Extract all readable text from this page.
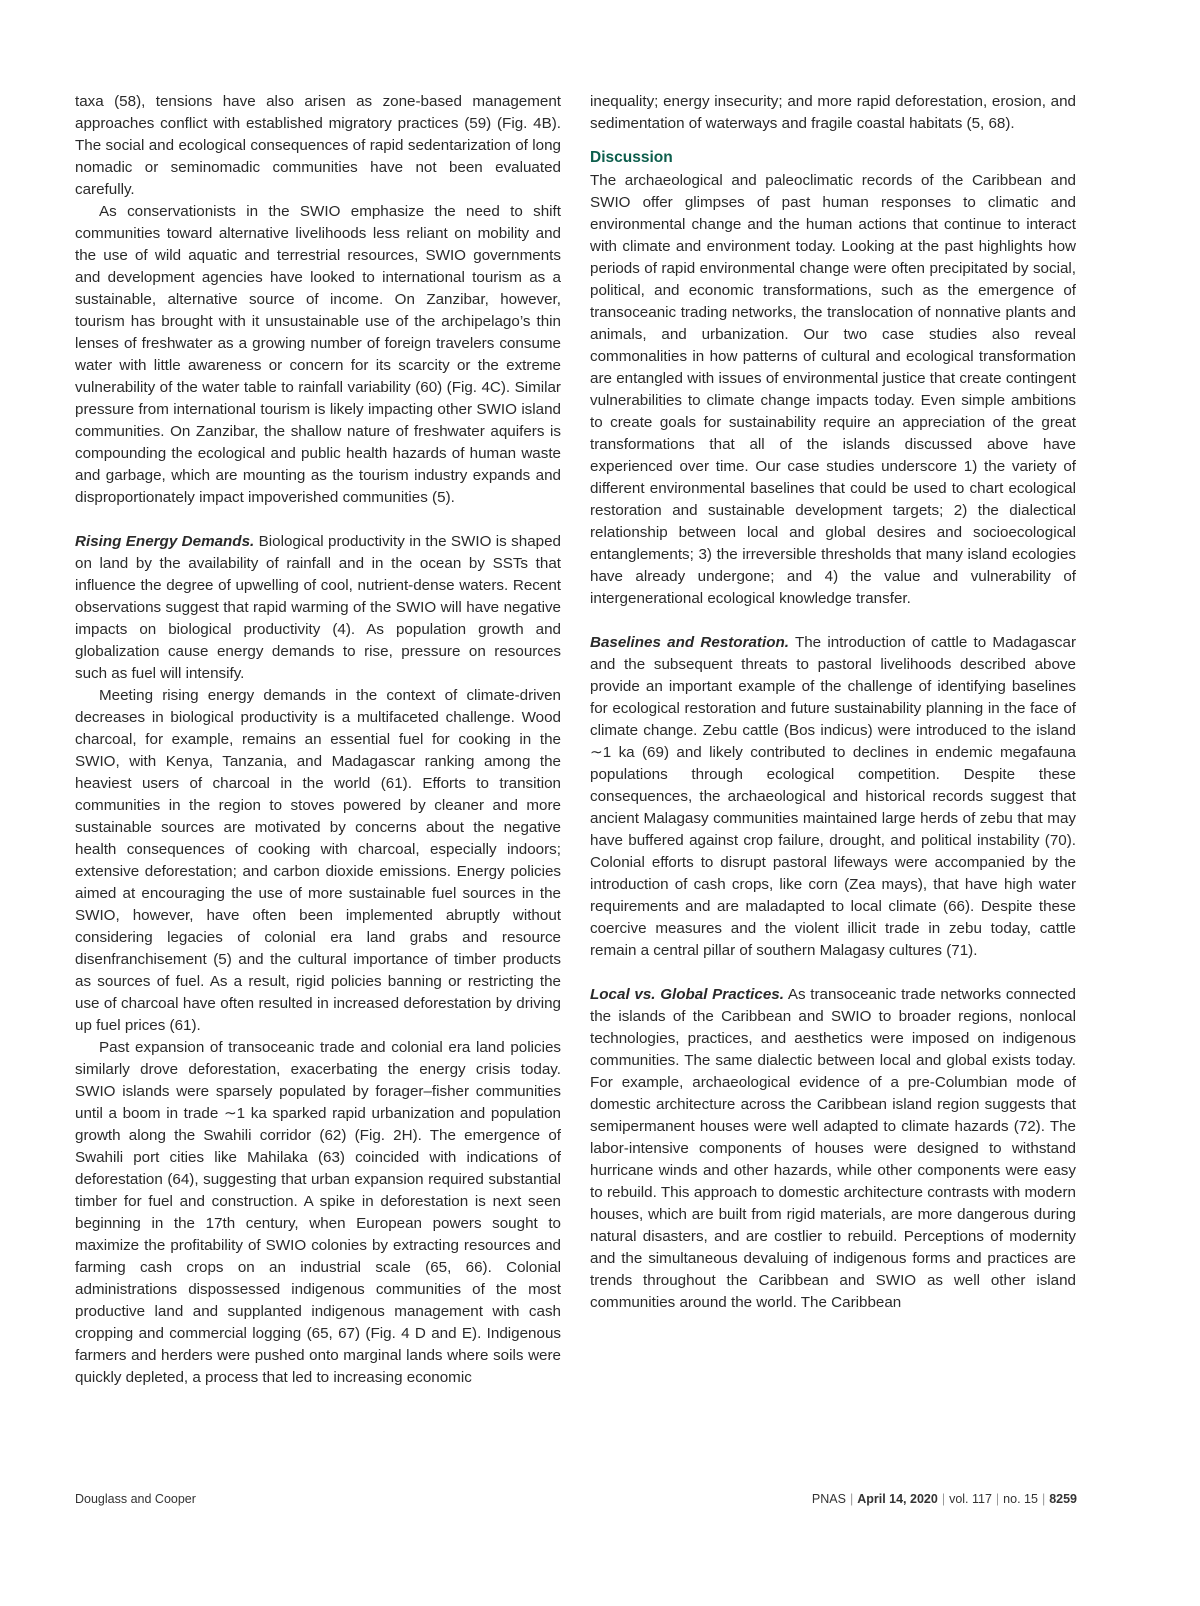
taxa (58), tensions have also arisen as zone-based management approaches conflict with established migratory practices (59) (Fig. 4B). The social and ecological consequences of rapid sedentarization of long nomadic or seminomadic communities have not been evaluated carefully.

As conservationists in the SWIO emphasize the need to shift communities toward alternative livelihoods less reliant on mobility and the use of wild aquatic and terrestrial resources, SWIO governments and development agencies have looked to international tourism as a sustainable, alternative source of income. On Zanzibar, however, tourism has brought with it unsustainable use of the archipelago’s thin lenses of freshwater as a growing number of foreign travelers consume water with little awareness or concern for its scarcity or the extreme vulnerability of the water table to rainfall variability (60) (Fig. 4C). Similar pressure from international tourism is likely impacting other SWIO island communities. On Zanzibar, the shallow nature of freshwater aquifers is compounding the ecological and public health hazards of human waste and garbage, which are mounting as the tourism industry expands and disproportionately impact impoverished communities (5).

Rising Energy Demands. Biological productivity in the SWIO is shaped on land by the availability of rainfall and in the ocean by SSTs that influence the degree of upwelling of cool, nutrient-dense waters. Recent observations suggest that rapid warming of the SWIO will have negative impacts on biological productivity (4). As population growth and globalization cause energy demands to rise, pressure on resources such as fuel will intensify.

Meeting rising energy demands in the context of climate-driven decreases in biological productivity is a multifaceted challenge. Wood charcoal, for example, remains an essential fuel for cooking in the SWIO, with Kenya, Tanzania, and Madagascar ranking among the heaviest users of charcoal in the world (61). Efforts to transition communities in the region to stoves powered by cleaner and more sustainable sources are motivated by concerns about the negative health consequences of cooking with charcoal, especially indoors; extensive deforestation; and carbon dioxide emissions. Energy policies aimed at encouraging the use of more sustainable fuel sources in the SWIO, however, have often been implemented abruptly without considering legacies of colonial era land grabs and resource disenfranchisement (5) and the cultural importance of timber products as sources of fuel. As a result, rigid policies banning or restricting the use of charcoal have often resulted in increased deforestation by driving up fuel prices (61).

Past expansion of transoceanic trade and colonial era land policies similarly drove deforestation, exacerbating the energy crisis today. SWIO islands were sparsely populated by forager–fisher communities until a boom in trade ∼1 ka sparked rapid urbanization and population growth along the Swahili corridor (62) (Fig. 2H). The emergence of Swahili port cities like Mahilaka (63) coincided with indications of deforestation (64), suggesting that urban expansion required substantial timber for fuel and construction. A spike in deforestation is next seen beginning in the 17th century, when European powers sought to maximize the profitability of SWIO colonies by extracting resources and farming cash crops on an industrial scale (65, 66). Colonial administrations dispossessed indigenous communities of the most productive land and supplanted indigenous management with cash cropping and commercial logging (65, 67) (Fig. 4 D and E). Indigenous farmers and herders were pushed onto marginal lands where soils were quickly depleted, a process that led to increasing economic

inequality; energy insecurity; and more rapid deforestation, erosion, and sedimentation of waterways and fragile coastal habitats (5, 68).

Discussion

The archaeological and paleoclimatic records of the Caribbean and SWIO offer glimpses of past human responses to climatic and environmental change and the human actions that continue to interact with climate and environment today. Looking at the past highlights how periods of rapid environmental change were often precipitated by social, political, and economic transformations, such as the emergence of transoceanic trading networks, the translocation of nonnative plants and animals, and urbanization. Our two case studies also reveal commonalities in how patterns of cultural and ecological transformation are entangled with issues of environmental justice that create contingent vulnerabilities to climate change impacts today. Even simple ambitions to create goals for sustainability require an appreciation of the great transformations that all of the islands discussed above have experienced over time. Our case studies underscore 1) the variety of different environmental baselines that could be used to chart ecological restoration and sustainable development targets; 2) the dialectical relationship between local and global desires and socioecological entanglements; 3) the irreversible thresholds that many island ecologies have already undergone; and 4) the value and vulnerability of intergenerational ecological knowledge transfer.

Baselines and Restoration. The introduction of cattle to Madagascar and the subsequent threats to pastoral livelihoods described above provide an important example of the challenge of identifying baselines for ecological restoration and future sustainability planning in the face of climate change. Zebu cattle (Bos indicus) were introduced to the island ∼1 ka (69) and likely contributed to declines in endemic megafauna populations through ecological competition. Despite these consequences, the archaeological and historical records suggest that ancient Malagasy communities maintained large herds of zebu that may have buffered against crop failure, drought, and political instability (70). Colonial efforts to disrupt pastoral lifeways were accompanied by the introduction of cash crops, like corn (Zea mays), that have high water requirements and are maladapted to local climate (66). Despite these coercive measures and the violent illicit trade in zebu today, cattle remain a central pillar of southern Malagasy cultures (71).

Local vs. Global Practices. As transoceanic trade networks connected the islands of the Caribbean and SWIO to broader regions, nonlocal technologies, practices, and aesthetics were imposed on indigenous communities. The same dialectic between local and global exists today. For example, archaeological evidence of a pre-Columbian mode of domestic architecture across the Caribbean island region suggests that semipermanent houses were well adapted to climate hazards (72). The labor-intensive components of houses were designed to withstand hurricane winds and other hazards, while other components were easy to rebuild. This approach to domestic architecture contrasts with modern houses, which are built from rigid materials, are more dangerous during natural disasters, and are costlier to rebuild. Perceptions of modernity and the simultaneous devaluing of indigenous forms and practices are trends throughout the Caribbean and SWIO as well other island communities around the world. The Caribbean

Douglass and Cooper	PNAS | April 14, 2020 | vol. 117 | no. 15 | 8259
